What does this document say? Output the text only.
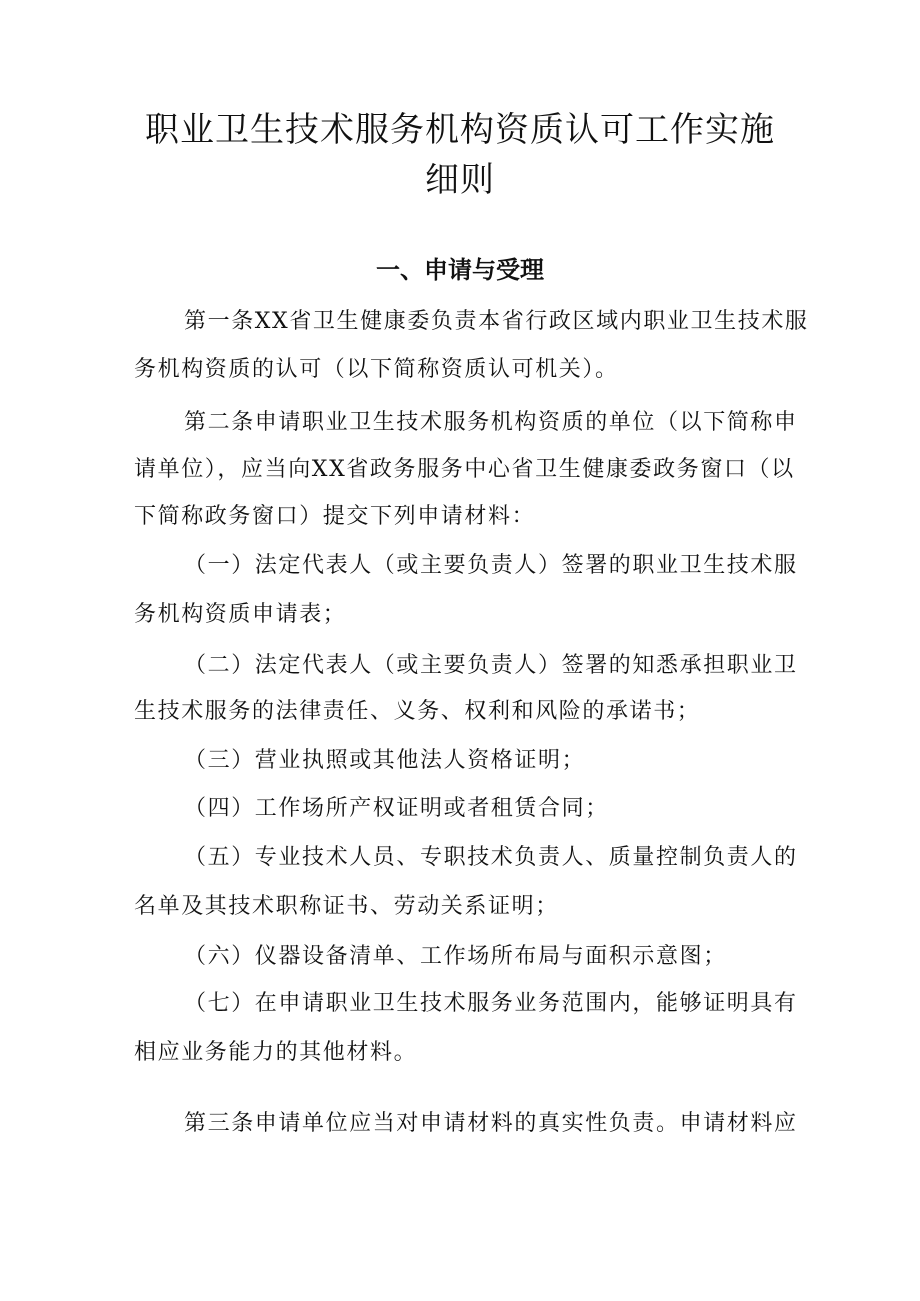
职业卫生技术服务机构资质认可工作实施
细则
一、申请与受理
第一条XX省卫生健康委负责本省行政区域内职业卫生技术服
务机构资质的认可（以下简称资质认可机关）。
第二条申请职业卫生技术服务机构资质的单位（以下简称申
请单位），应当向XX省政务服务中心省卫生健康委政务窗口（以
下简称政务窗口）提交下列申请材料：
（一）法定代表人（或主要负责人）签署的职业卫生技术服
务机构资质申请表；
（二）法定代表人（或主要负责人）签署的知悉承担职业卫
生技术服务的法律责任、义务、权利和风险的承诺书；
（三）营业执照或其他法人资格证明；
（四）工作场所产权证明或者租赁合同；
（五）专业技术人员、专职技术负责人、质量控制负责人的
名单及其技术职称证书、劳动关系证明；
（六）仪器设备清单、工作场所布局与面积示意图；
（七）在申请职业卫生技术服务业务范围内，能够证明具有
相应业务能力的其他材料。
第三条申请单位应当对申请材料的真实性负责。申请材料应
